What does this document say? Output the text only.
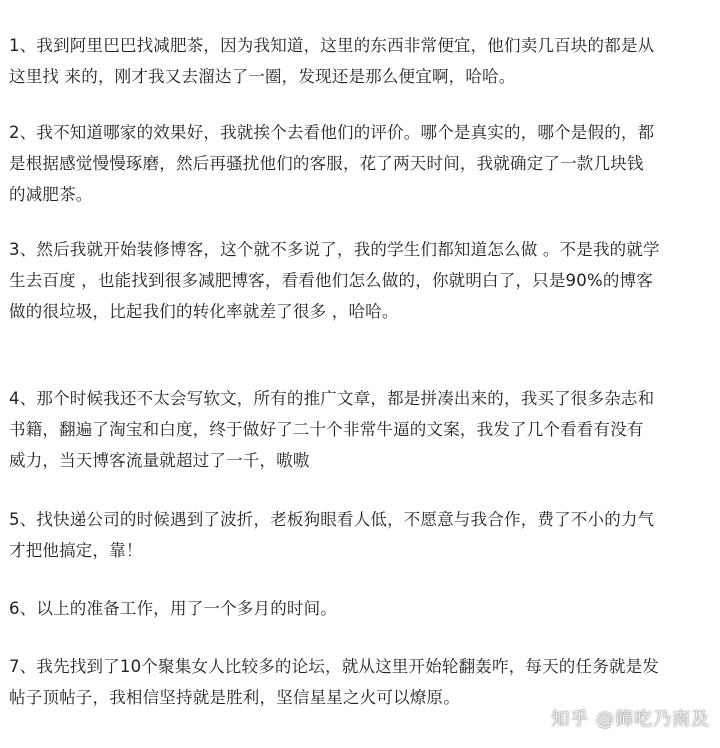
1、我到阿里巴巴找减肥茶，因为我知道，这里的东西非常便宜，他们卖几百块的都是从
这里找 来的，刚才我又去溜达了一圈，发现还是那么便宜啊，哈哈。
2、我不知道哪家的效果好，我就挨个去看他们的评价。哪个是真实的，哪个是假的，都
是根据感觉慢慢琢磨，然后再骚扰他们的客服，花了两天时间，我就确定了一款几块钱
的减肥茶。
3、然后我就开始装修博客，这个就不多说了，我的学生们都知道怎么做 。不是我的就学
生去百度 ，也能找到很多减肥博客，看看他们怎么做的，你就明白了，只是90%的博客
做的很垃圾，比起我们的转化率就差了很多 ，哈哈。
4、那个时候我还不太会写软文，所有的推广文章，都是拼凑出来的，我买了很多杂志和
书籍，翻遍了淘宝和白度，终于做好了二十个非常牛逼的文案，我发了几个看看有没有
威力，当天博客流量就超过了一千，嗷嗷
5、找快递公司的时候遇到了波折，老板狗眼看人低，不愿意与我合作，费了不小的力气
才把他搞定，靠！
6、以上的准备工作，用了一个多月的时间。
7、我先找到了10个聚集女人比较多的论坛，就从这里开始轮翻轰咋，每天的任务就是发
帖子顶帖子，我相信坚持就是胜利，坚信星星之火可以燎原。
知乎 @筛吃乃南及
